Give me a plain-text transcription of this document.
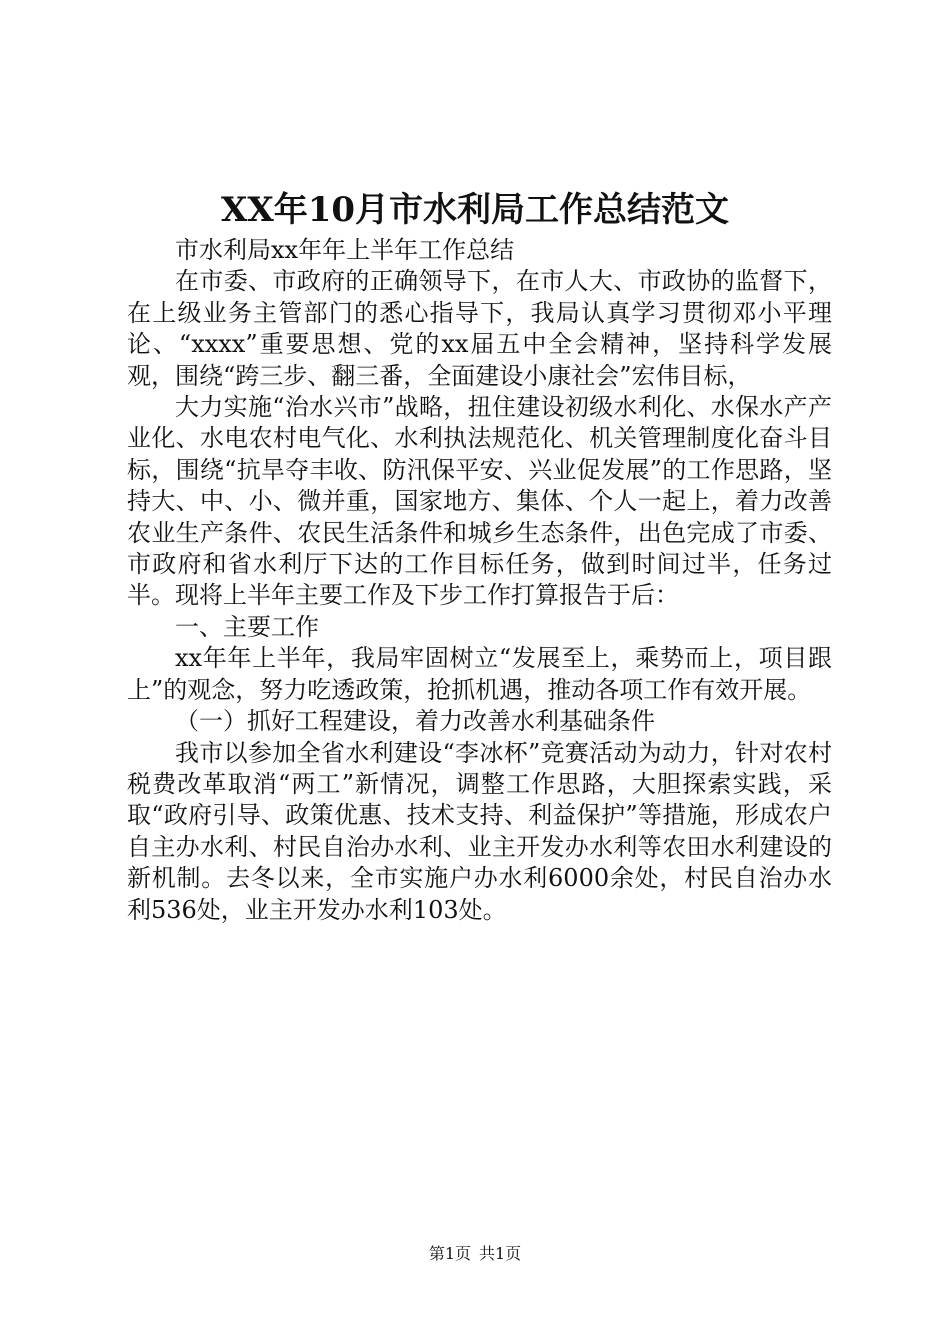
XX年10月市水利局工作总结范文

市水利局xx年年上半年工作总结

在市委、市政府的正确领导下，在市人大、市政协的监督下，在上级业务主管部门的悉心指导下，我局认真学习贯彻邓小平理论、“xxxx”重要思想、党的xx届五中全会精神，坚持科学发展观，围绕“跨三步、翻三番，全面建设小康社会”宏伟目标，

大力实施“治水兴市”战略，扭住建设初级水利化、水保水产产业化、水电农村电气化、水利执法规范化、机关管理制度化奋斗目标，围绕“抗旱夺丰收、防汛保平安、兴业促发展”的工作思路，坚持大、中、小、微并重，国家地方、集体、个人一起上，着力改善农业生产条件、农民生活条件和城乡生态条件，出色完成了市委、市政府和省水利厅下达的工作目标任务，做到时间过半，任务过半。现将上半年主要工作及下步工作打算报告于后：

一、主要工作

xx年年上半年，我局牢固树立“发展至上，乘势而上，项目跟上”的观念，努力吃透政策，抢抓机遇，推动各项工作有效开展。

（一）抓好工程建设，着力改善水利基础条件

我市以参加全省水利建设“李冰杯”竞赛活动为动力，针对农村税费改革取消“两工”新情况，调整工作思路，大胆探索实践，采取“政府引导、政策优惠、技术支持、利益保护”等措施，形成农户自主办水利、村民自治办水利、业主开发办水利等农田水利建设的新机制。去冬以来，全市实施户办水利6000余处，村民自治办水利536处，业主开发办水利103处。

第1页 共1页
